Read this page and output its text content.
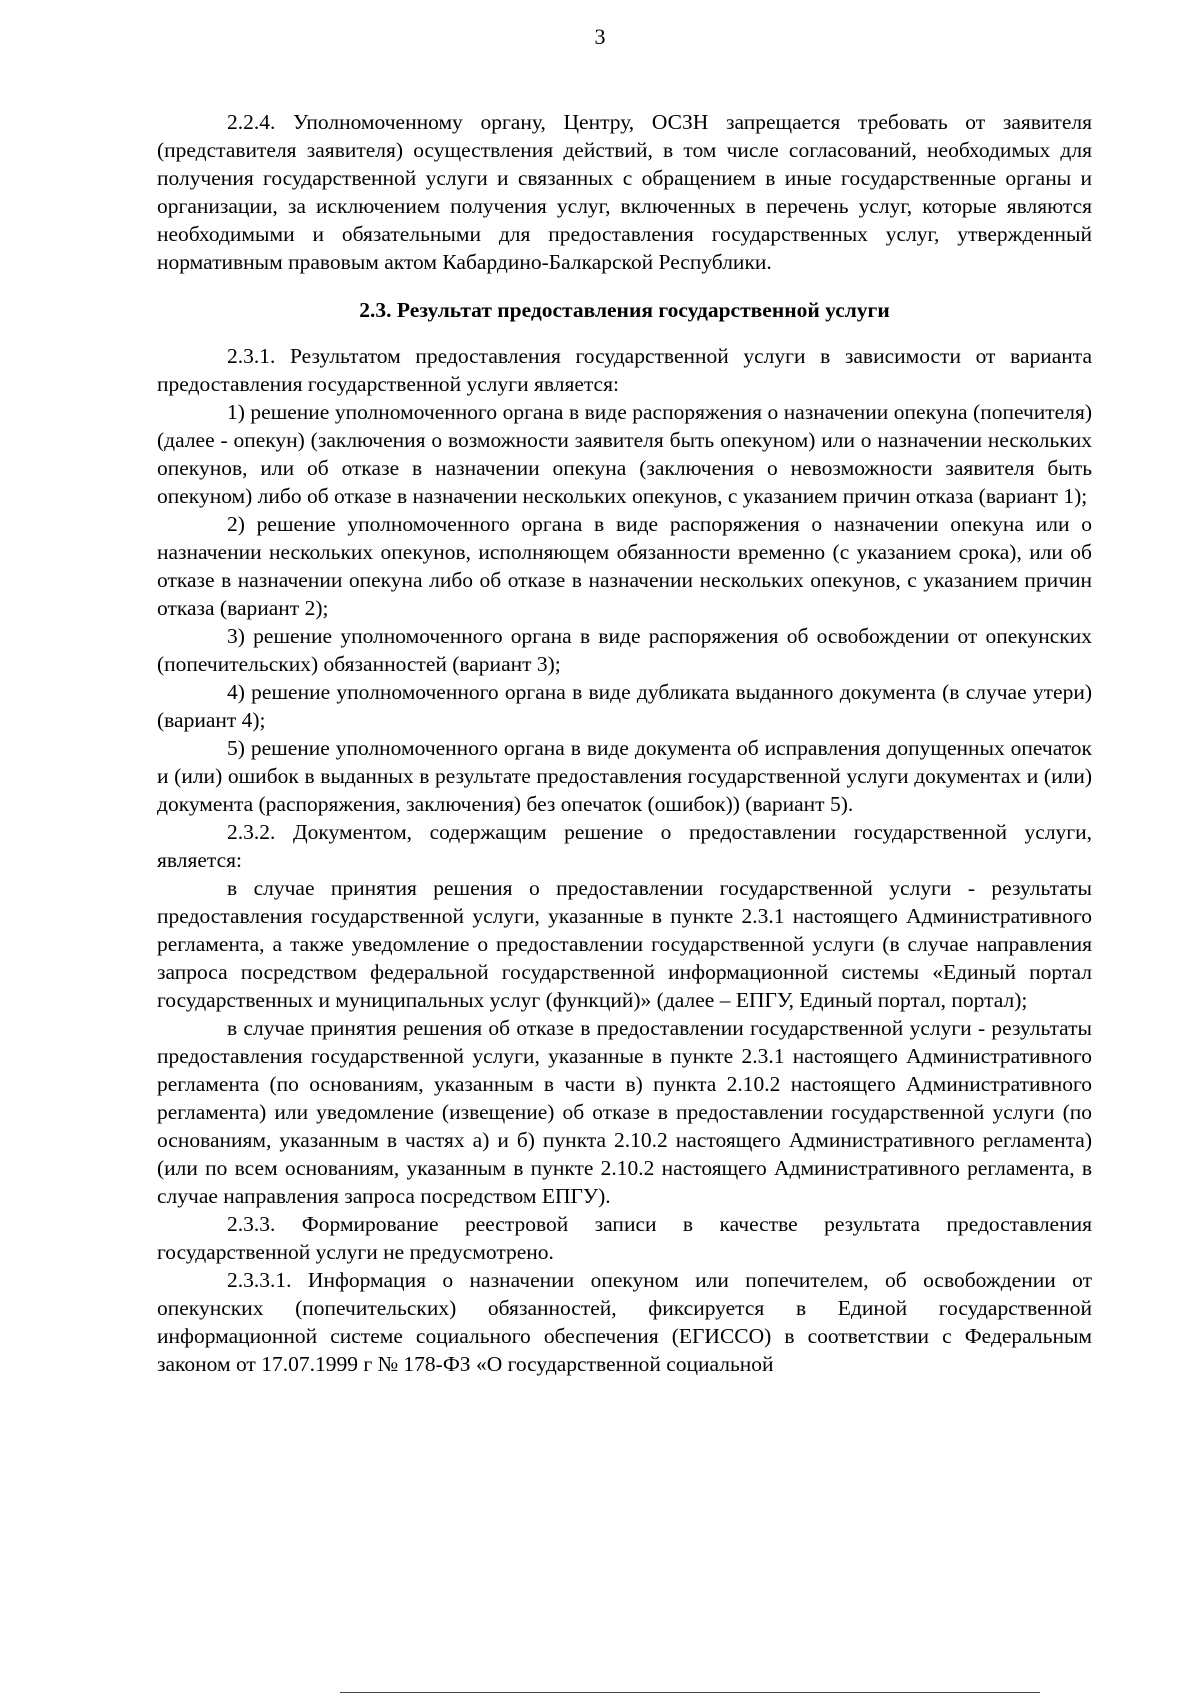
3

2.2.4. Уполномоченному органу, Центру, ОСЗН запрещается требовать от заявителя (представителя заявителя) осуществления действий, в том числе согласований, необходимых для получения государственной услуги и связанных с обращением в иные государственные органы и организации, за исключением получения услуг, включенных в перечень услуг, которые являются необходимыми и обязательными для предоставления государственных услуг, утвержденный нормативным правовым актом Кабардино-Балкарской Республики.

2.3. Результат предоставления государственной услуги

2.3.1. Результатом предоставления государственной услуги в зависимости от варианта предоставления государственной услуги является:

1) решение уполномоченного органа в виде распоряжения о назначении опекуна (попечителя) (далее - опекун) (заключения о возможности заявителя быть опекуном) или о назначении нескольких опекунов, или об отказе в назначении опекуна (заключения о невозможности заявителя быть опекуном) либо об отказе в назначении нескольких опекунов, с указанием причин отказа (вариант 1);

2) решение уполномоченного органа в виде распоряжения о назначении опекуна или о назначении нескольких опекунов, исполняющем обязанности временно (с указанием срока), или об отказе в назначении опекуна либо об отказе в назначении нескольких опекунов, с указанием причин отказа (вариант 2);

3) решение уполномоченного органа в виде распоряжения об освобождении от опекунских (попечительских) обязанностей (вариант 3);

4) решение уполномоченного органа в виде дубликата выданного документа (в случае утери) (вариант 4);

5) решение уполномоченного органа в виде документа об исправления допущенных опечаток и (или) ошибок в выданных в результате предоставления государственной услуги документах и (или) документа (распоряжения, заключения) без опечаток (ошибок)) (вариант 5).

2.3.2. Документом, содержащим решение о предоставлении государственной услуги, является:

в случае принятия решения о предоставлении государственной услуги - результаты предоставления государственной услуги, указанные в пункте 2.3.1 настоящего Административного регламента, а также уведомление о предоставлении государственной услуги (в случае направления запроса посредством федеральной государственной информационной системы «Единый портал государственных и муниципальных услуг (функций)» (далее – ЕПГУ, Единый портал, портал);

в случае принятия решения об отказе в предоставлении государственной услуги - результаты предоставления государственной услуги, указанные в пункте 2.3.1 настоящего Административного регламента (по основаниям, указанным в части в) пункта 2.10.2 настоящего Административного регламента) или уведомление (извещение) об отказе в предоставлении государственной услуги (по основаниям, указанным в частях а) и б) пункта 2.10.2 настоящего Административного регламента) (или по всем основаниям, указанным в пункте 2.10.2 настоящего Административного регламента, в случае направления запроса посредством ЕПГУ).

2.3.3. Формирование реестровой записи в качестве результата предоставления государственной услуги не предусмотрено.

2.3.3.1. Информация о назначении опекуном или попечителем, об освобождении от опекунских (попечительских) обязанностей, фиксируется в Единой государственной информационной системе социального обеспечения (ЕГИССО) в соответствии с Федеральным законом от 17.07.1999 г № 178-ФЗ «О государственной социальной
